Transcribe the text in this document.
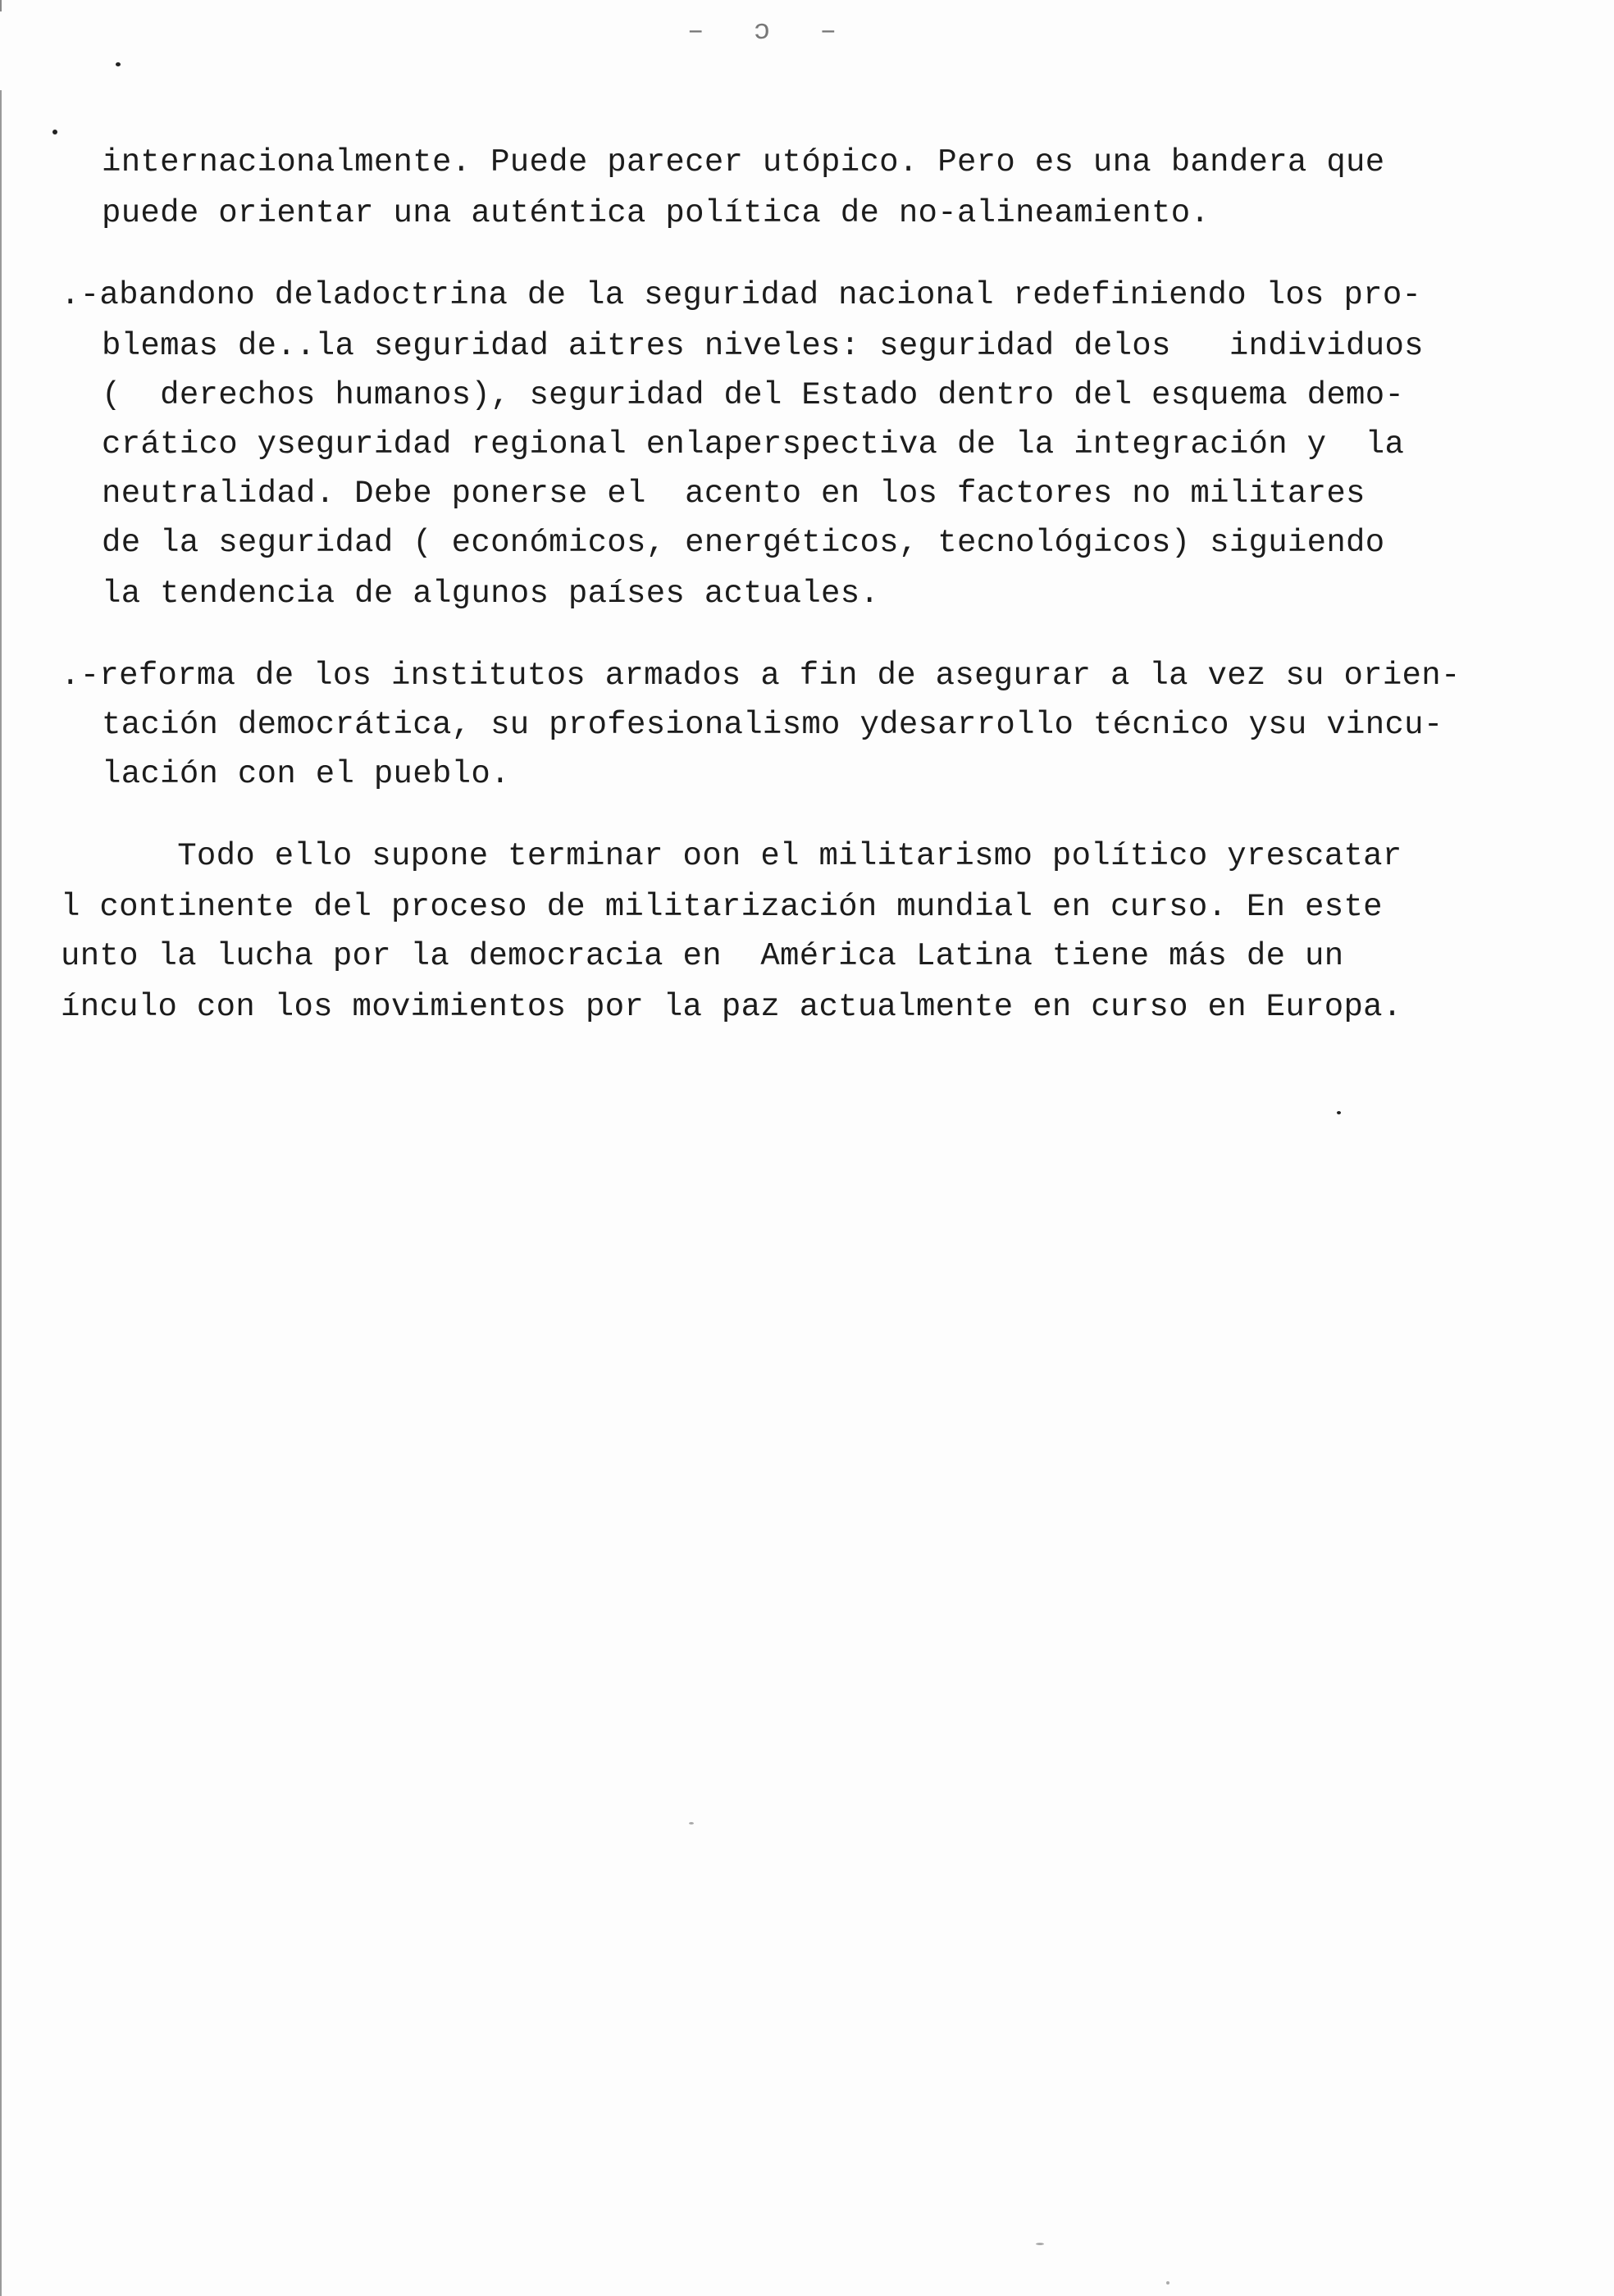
– ɔ –
internacionalmente. Puede parecer utópico. Pero es una bandera que
puede orientar una auténtica política de no-alineamiento.
.-abandono deladoctrina de la seguridad nacional redefiniendo los pro-
blemas de..la seguridad aitres niveles: seguridad delos   individuos
(  derechos humanos), seguridad del Estado dentro del esquema demo-
crático yseguridad regional enlaperspectiva de la integración y  la
neutralidad. Debe ponerse el  acento en los factores no militares
de la seguridad ( económicos, energéticos, tecnológicos) siguiendo
la tendencia de algunos países actuales.
.-reforma de los institutos armados a fin de asegurar a la vez su orien-
tación democrática, su profesionalismo ydesarrollo técnico ysu vincu-
lación con el pueblo.
Todo ello supone terminar oon el militarismo político yrescatar
l continente del proceso de militarización mundial en curso. En este
unto la lucha por la democracia en  América Latina tiene más de un
ínculo con los movimientos por la paz actualmente en curso en Europa.
